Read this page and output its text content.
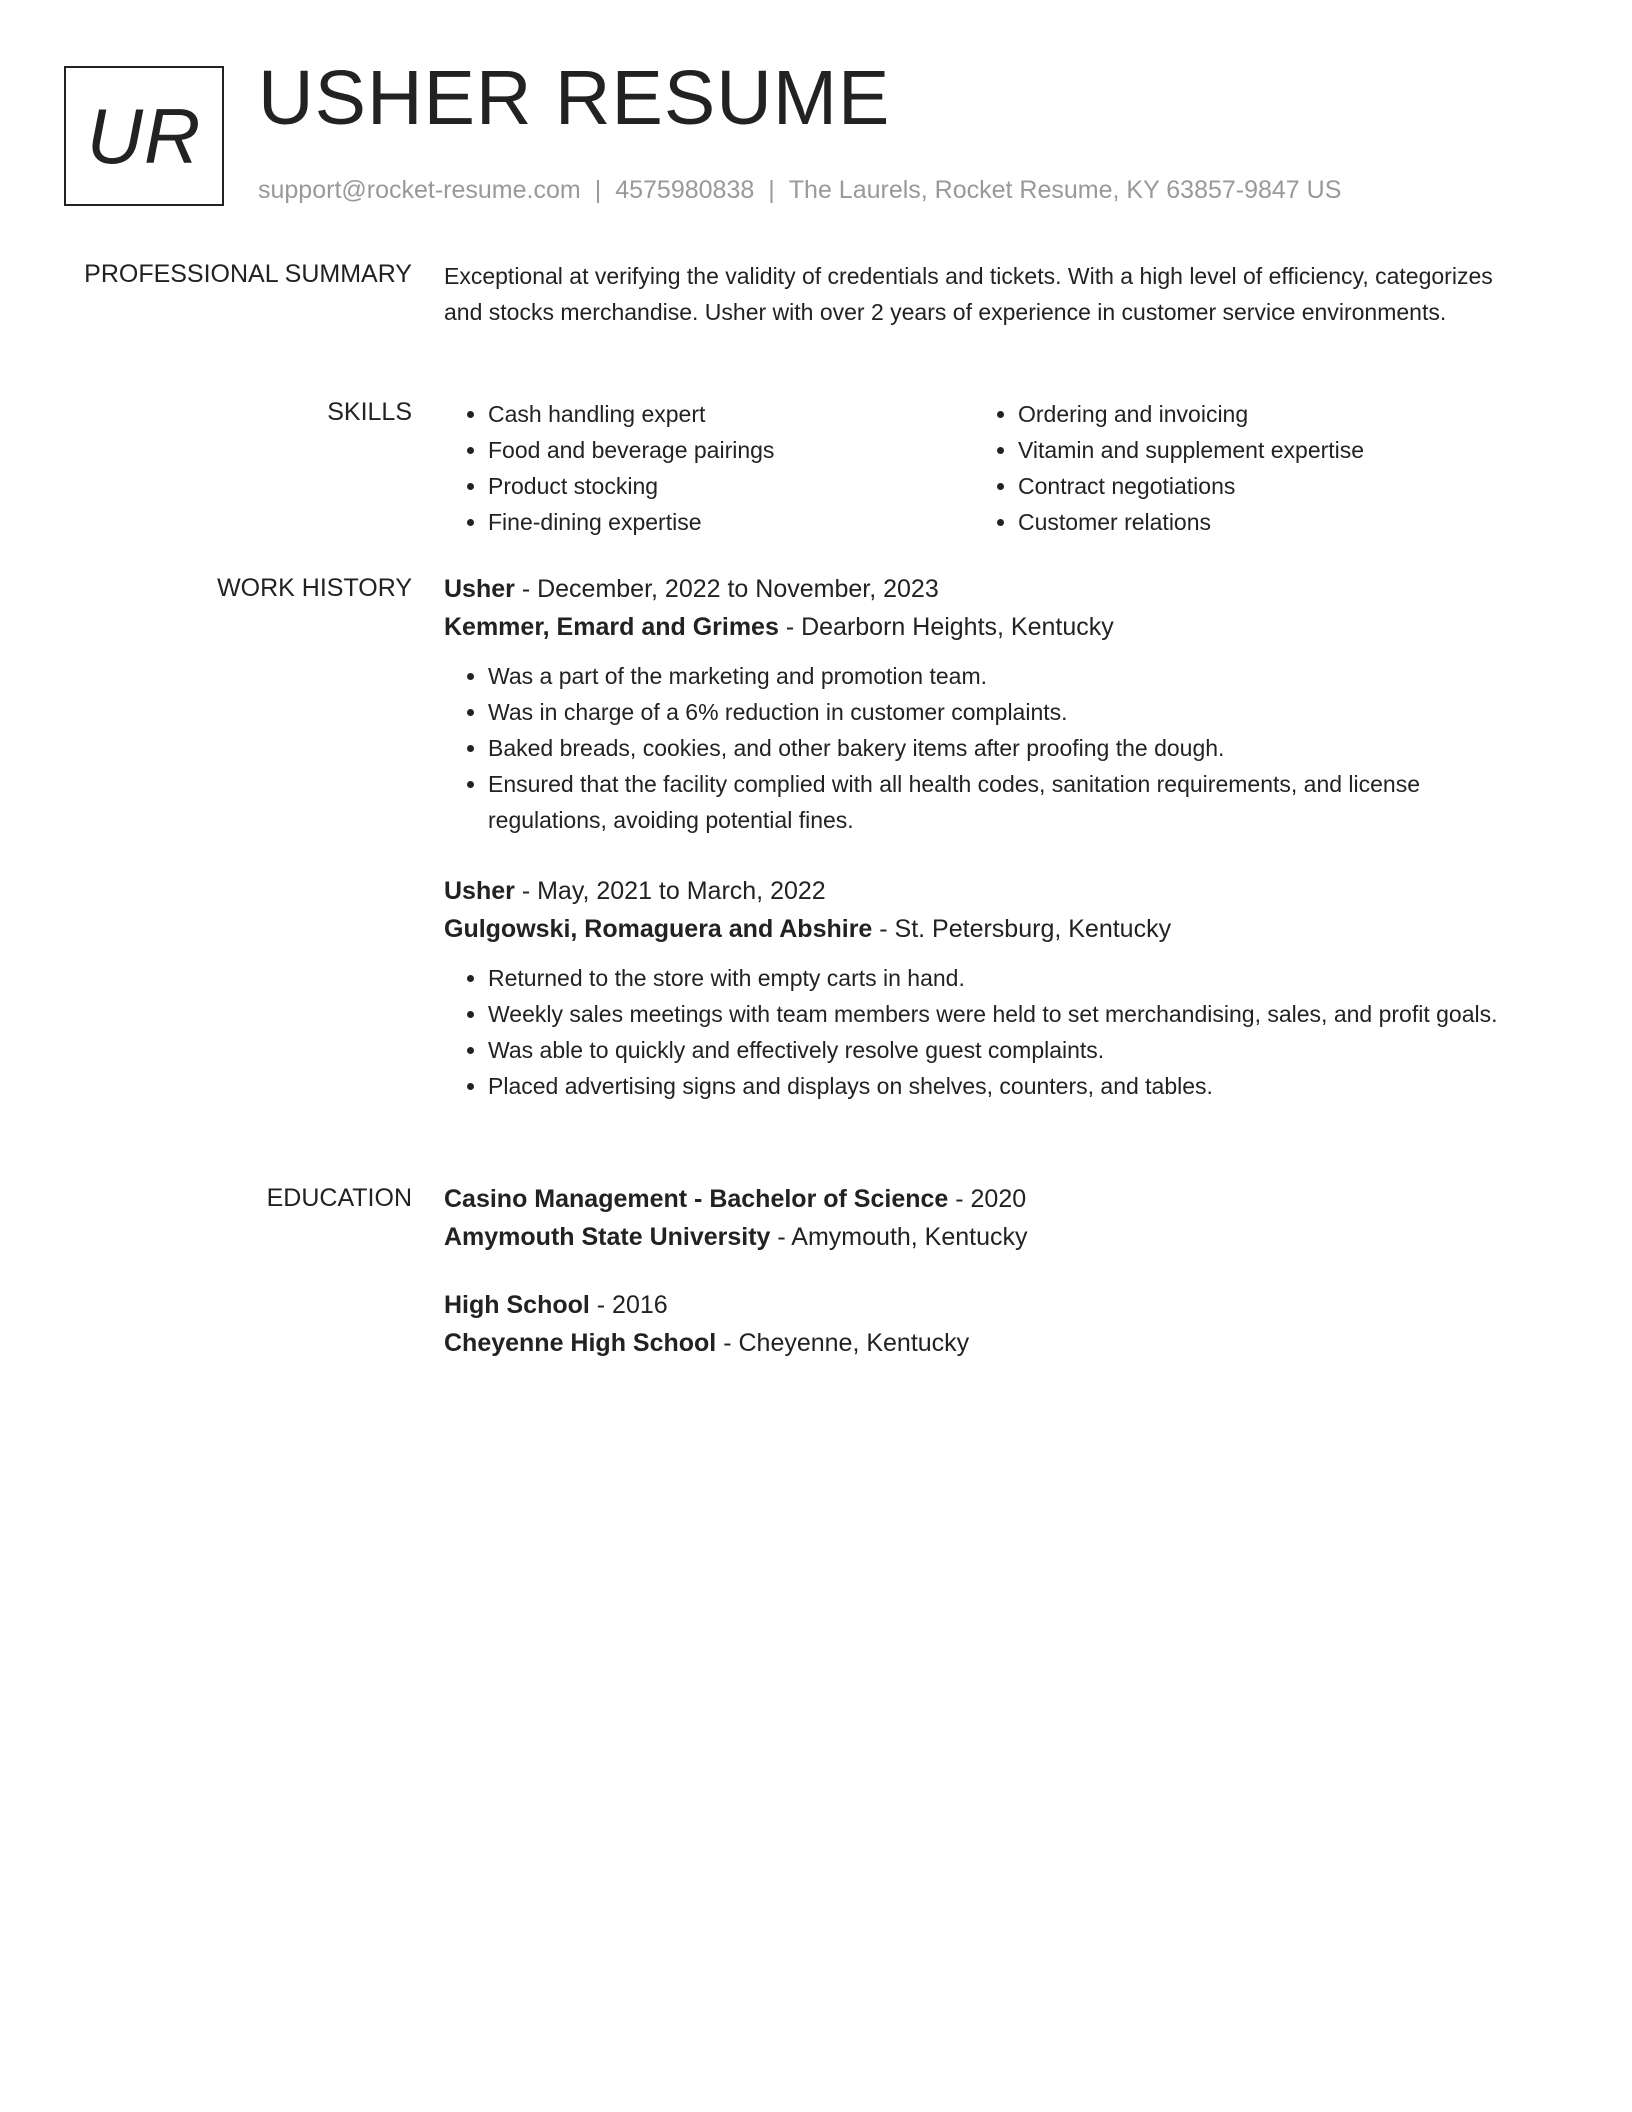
UR USHER RESUME
support@rocket-resume.com | 4575980838 | The Laurels, Rocket Resume, KY 63857-9847 US
PROFESSIONAL SUMMARY Exceptional at verifying the validity of credentials and tickets. With a high level of efficiency, categorizes and stocks merchandise. Usher with over 2 years of experience in customer service environments.

SKILLS
•	Cash handling expert
• Food and beverage pairings
• Product stocking
• Fine-dining expertise
• Ordering and invoicing
• Vitamin and supplement expertise
• Contract negotiations
• Customer relations
WORK HISTORY Usher - December, 2022 to November, 2023
Kemmer, Emard and Grimes - Dearborn Heights, Kentucky
• Was a part of the marketing and promotion team.
• Was in charge of a 6% reduction in customer complaints.
• Baked breads, cookies, and other bakery items after proofing the dough.
• Ensured that the facility complied with all health codes, sanitation requirements, and license regulations, avoiding potential fines.
Usher - May, 2021 to March, 2022
Gulgowski, Romaguera and Abshire - St. Petersburg, Kentucky
• Returned to the store with empty carts in hand.
• Weekly sales meetings with team members were held to set merchandising, sales, and profit goals.
• Was able to quickly and effectively resolve guest complaints.
• Placed advertising signs and displays on shelves, counters, and tables.
EDUCATION Casino Management - Bachelor of Science - 2020
Amymouth State University - Amymouth, Kentucky
High School - 2016
Cheyenne High School - Cheyenne, Kentucky
